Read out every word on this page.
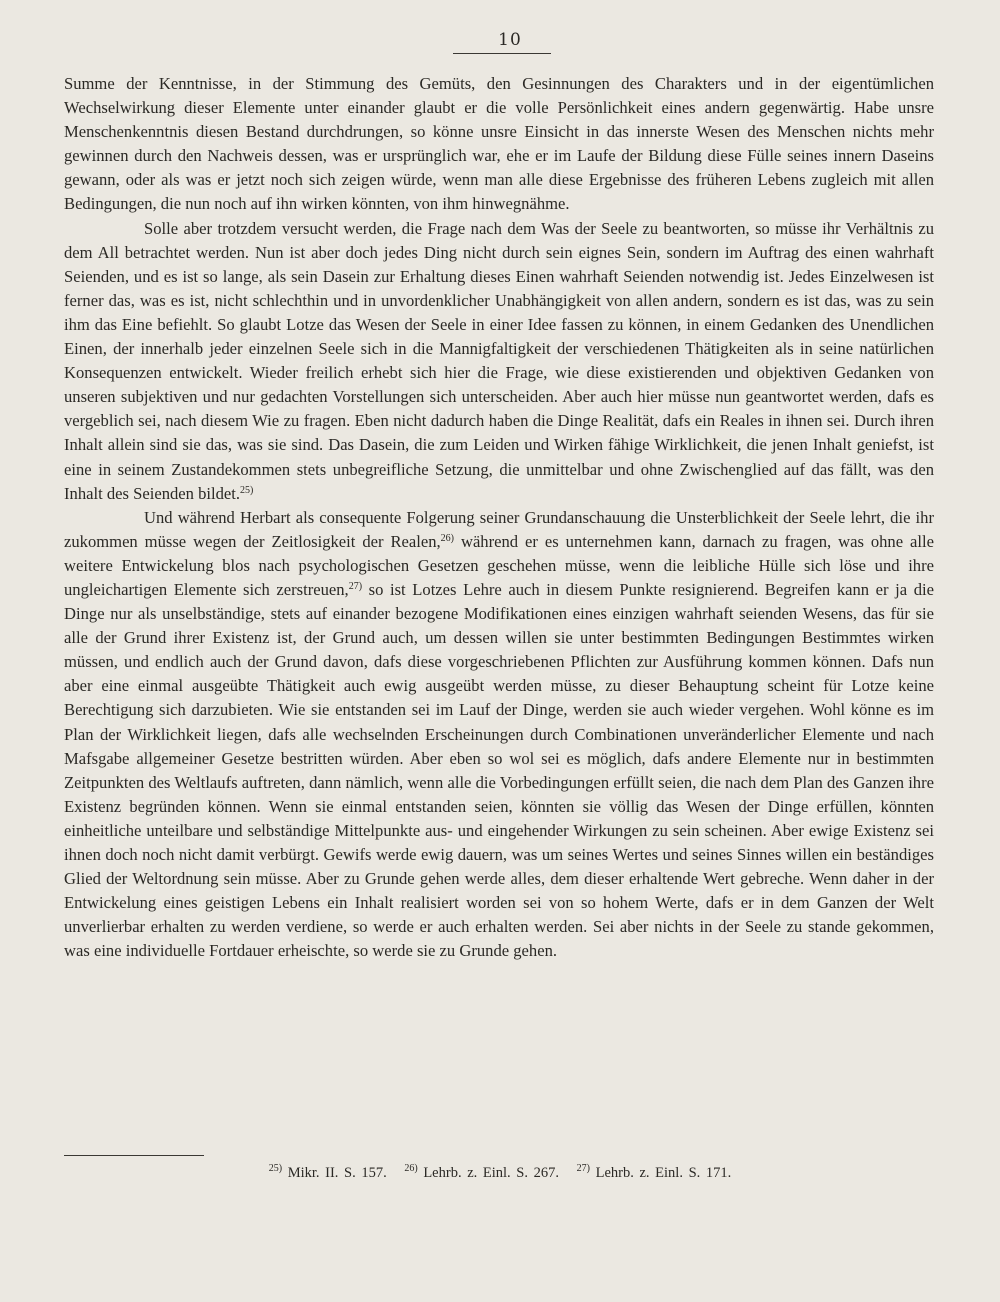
10

Summe der Kenntnisse, in der Stimmung des Gemüts, den Gesinnungen des Charakters und in der eigentümlichen Wechselwirkung dieser Elemente unter einander glaubt er die volle Persönlichkeit eines andern gegenwärtig. Habe unsre Menschenkenntnis diesen Bestand durchdrungen, so könne unsre Einsicht in das innerste Wesen des Menschen nichts mehr gewinnen durch den Nachweis dessen, was er ursprünglich war, ehe er im Laufe der Bildung diese Fülle seines innern Daseins gewann, oder als was er jetzt noch sich zeigen würde, wenn man alle diese Ergebnisse des früheren Lebens zugleich mit allen Bedingungen, die nun noch auf ihn wirken könnten, von ihm hinwegnähme.

Solle aber trotzdem versucht werden, die Frage nach dem Was der Seele zu beantworten, so müsse ihr Verhältnis zu dem All betrachtet werden. Nun ist aber doch jedes Ding nicht durch sein eignes Sein, sondern im Auftrag des einen wahrhaft Seienden, und es ist so lange, als sein Dasein zur Erhaltung dieses Einen wahrhaft Seienden notwendig ist. Jedes Einzelwesen ist ferner das, was es ist, nicht schlechthin und in unvordenklicher Unabhängigkeit von allen andern, sondern es ist das, was zu sein ihm das Eine befiehlt. So glaubt Lotze das Wesen der Seele in einer Idee fassen zu können, in einem Gedanken des Unendlichen Einen, der innerhalb jeder einzelnen Seele sich in die Mannigfaltigkeit der verschiedenen Thätigkeiten als in seine natürlichen Konsequenzen entwickelt. Wieder freilich erhebt sich hier die Frage, wie diese existierenden und objektiven Gedanken von unseren subjektiven und nur gedachten Vorstellungen sich unterscheiden. Aber auch hier müsse nun geantwortet werden, dafs es vergeblich sei, nach diesem Wie zu fragen. Eben nicht dadurch haben die Dinge Realität, dafs ein Reales in ihnen sei. Durch ihren Inhalt allein sind sie das, was sie sind. Das Dasein, die zum Leiden und Wirken fähige Wirklichkeit, die jenen Inhalt geniefst, ist eine in seinem Zustandekommen stets unbegreifliche Setzung, die unmittelbar und ohne Zwischenglied auf das fällt, was den Inhalt des Seienden bildet.$^{25)}$

Und während Herbart als consequente Folgerung seiner Grundanschauung die Unsterblichkeit der Seele lehrt, die ihr zukommen müsse wegen der Zeitlosigkeit der Realen,$^{26)}$ während er es unternehmen kann, darnach zu fragen, was ohne alle weitere Entwickelung blos nach psychologischen Gesetzen geschehen müsse, wenn die leibliche Hülle sich löse und ihre ungleichartigen Elemente sich zerstreuen,$^{27)}$ so ist Lotzes Lehre auch in diesem Punkte resignierend. Begreifen kann er ja die Dinge nur als unselbständige, stets auf einander bezogene Modifikationen eines einzigen wahrhaft seienden Wesens, das für sie alle der Grund ihrer Existenz ist, der Grund auch, um dessen willen sie unter bestimmten Bedingungen Bestimmtes wirken müssen, und endlich auch der Grund davon, dafs diese vorgeschriebenen Pflichten zur Ausführung kommen können. Dafs nun aber eine einmal ausgeübte Thätigkeit auch ewig ausgeübt werden müsse, zu dieser Behauptung scheint für Lotze keine Berechtigung sich darzubieten. Wie sie entstanden sei im Lauf der Dinge, werden sie auch wieder vergehen. Wohl könne es im Plan der Wirklichkeit liegen, dafs alle wechselnden Erscheinungen durch Combinationen unveränderlicher Elemente und nach Mafsgabe allgemeiner Gesetze bestritten würden. Aber eben so wol sei es möglich, dafs andere Elemente nur in bestimmten Zeitpunkten des Weltlaufs auftreten, dann nämlich, wenn alle die Vorbedingungen erfüllt seien, die nach dem Plan des Ganzen ihre Existenz begründen können. Wenn sie einmal entstanden seien, könnten sie völlig das Wesen der Dinge erfüllen, könnten einheitliche unteilbare und selbständige Mittelpunkte aus- und eingehender Wirkungen zu sein scheinen. Aber ewige Existenz sei ihnen doch noch nicht damit verbürgt. Gewifs werde ewig dauern, was um seines Wertes und seines Sinnes willen ein beständiges Glied der Weltordnung sein müsse. Aber zu Grunde gehen werde alles, dem dieser erhaltende Wert gebreche. Wenn daher in der Entwickelung eines geistigen Lebens ein Inhalt realisiert worden sei von so hohem Werte, dafs er in dem Ganzen der Welt unverlierbar erhalten zu werden verdiene, so werde er auch erhalten werden. Sei aber nichts in der Seele zu stande gekommen, was eine individuelle Fortdauer erheischte, so werde sie zu Grunde gehen.

$^{25)}$ Mikr. II. S. 157. $^{26)}$ Lehrb. z. Einl. S. 267. $^{27)}$ Lehrb. z. Einl. S. 171.
